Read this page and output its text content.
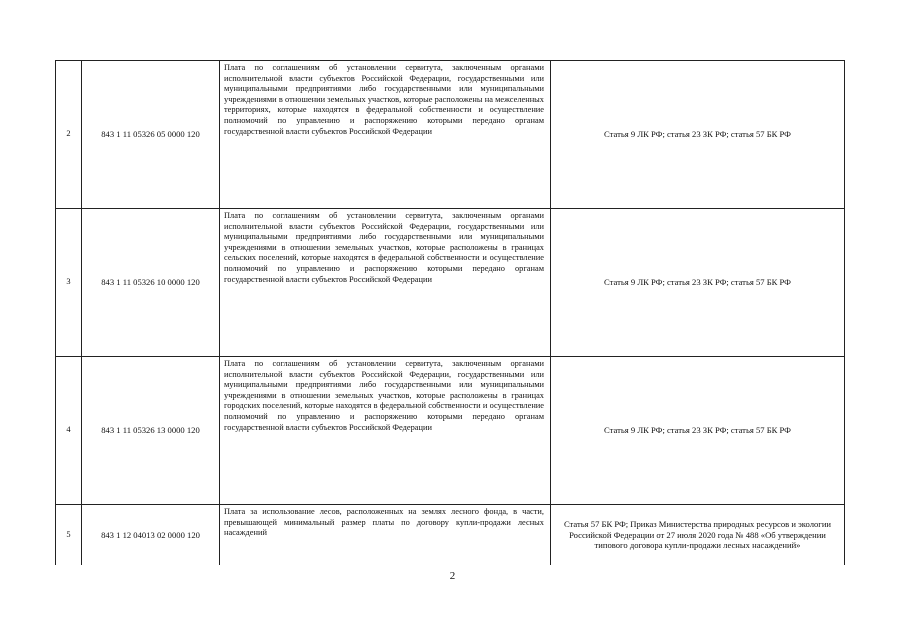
2	843 1 11 05326 05 0000 120	Плата по соглашениям об установлении сервитута, заключенным органами исполнительной власти субъектов Российской Федерации, государственными или муниципальными предприятиями либо государственными или муниципальными учреждениями в отношении земельных участков, которые расположены на межселенных территориях, которые находятся в федеральной собственности и осуществление полномочий по управлению и распоряжению которыми передано органам государственной власти субъектов Российской Федерации	Статья 9 ЛК РФ; статья 23 ЗК РФ; статья 57 БК РФ
3	843 1 11 05326 10 0000 120	Плата по соглашениям об установлении сервитута, заключенным органами исполнительной власти субъектов Российской Федерации, государственными или муниципальными предприятиями либо государственными или муниципальными учреждениями в отношении земельных участков, которые расположены в границах сельских поселений, которые находятся в федеральной собственности и осуществление полномочий по управлению и распоряжению которыми передано органам государственной власти субъектов Российской Федерации	Статья 9 ЛК РФ; статья 23 ЗК РФ; статья 57 БК РФ
4	843 1 11 05326 13 0000 120	Плата по соглашениям об установлении сервитута, заключенным органами исполнительной власти субъектов Российской Федерации, государственными или муниципальными предприятиями либо государственными или муниципальными учреждениями в отношении земельных участков, которые расположены в границах городских поселений, которые находятся в федеральной собственности и осуществление полномочий по управлению и распоряжению которыми передано органам государственной власти субъектов Российской Федерации	Статья 9 ЛК РФ; статья 23 ЗК РФ; статья 57 БК РФ
5	843 1 12 04013 02 0000 120	Плата за использование лесов, расположенных на землях лесного фонда, в части, превышающей минимальный размер платы по договору купли-продажи лесных насаждений	Статья 57 БК РФ; Приказ Министерства природных ресурсов и экологии Российской Федерации от 27 июля 2020 года № 488 «Об утверждении типового договора купли-продажи лесных насаждений»
2
